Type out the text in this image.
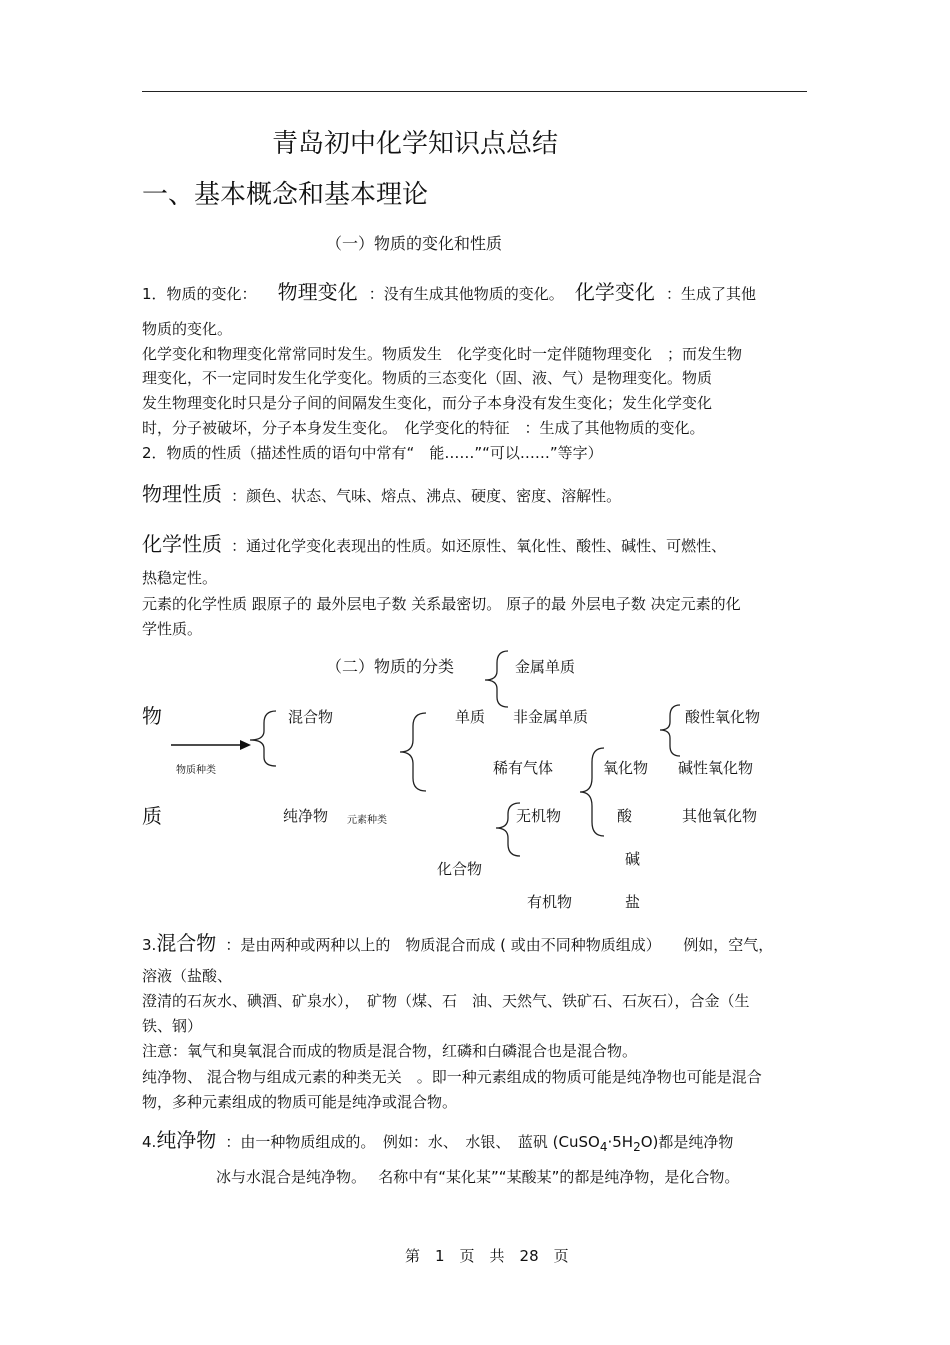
青岛初中化学知识点总结
一、基本概念和基本理论
（一）物质的变化和性质
1．物质的变化： 物理变化 ：没有生成其他物质的变化。 化学变化 ：生成了其他
物质的变化。
化学变化和物理变化常常同时发生。物质发生　化学变化时一定伴随物理变化　；而发生物
理变化，不一定同时发生化学变化。物质的三态变化（固、液、气）是物理变化。物质
发生物理变化时只是分子间的间隔发生变化，而分子本身没有发生变化；发生化学变化
时，分子被破坏，分子本身发生变化。　化学变化的特征　：生成了其他物质的变化。
2．物质的性质（描述性质的语句中常有“　能……”“可以……”等字）
物理性质 ：颜色、状态、气味、熔点、沸点、硬度、密度、溶解性。
化学性质 ：通过化学变化表现出的性质。如还原性、氧化性、酸性、碱性、可燃性、
热稳定性。
元素的化学性质 跟原子的 最外层电子数 关系最密切。 原子的最 外层电子数 决定元素的化
学性质。
（二）物质的分类
物
质
物质种类
混合物
纯净物 元素种类
单质
金属单质
非金属单质
稀有气体
化合物
无机物
有机物
氧化物
酸
碱
盐
酸性氧化物
碱性氧化物
其他氧化物
3.混合物 ：是由两种或两种以上的　物质混合而成 ( 或由不同种物质组成）　　例如，空气，
溶液（盐酸、
澄清的石灰水、碘酒、矿泉水），　矿物（煤、石　油、天然气、铁矿石、石灰石），合金（生
铁、钢）
注意：氧气和臭氧混合而成的物质是混合物，红磷和白磷混合也是混合物。
纯净物、 混合物与组成元素的种类无关　。即一种元素组成的物质可能是纯净物也可能是混合
物，多种元素组成的物质可能是纯净或混合物。
4.纯净物 ：由一种物质组成的。　例如：水、　水银、　蓝矾 $(CuSO_4\cdot 5H_2O)$都是纯净物
冰与水混合是纯净物。　 名称中有“某化某”“某酸某”的都是纯净物，是化合物。
第　1　页　共　28　页
